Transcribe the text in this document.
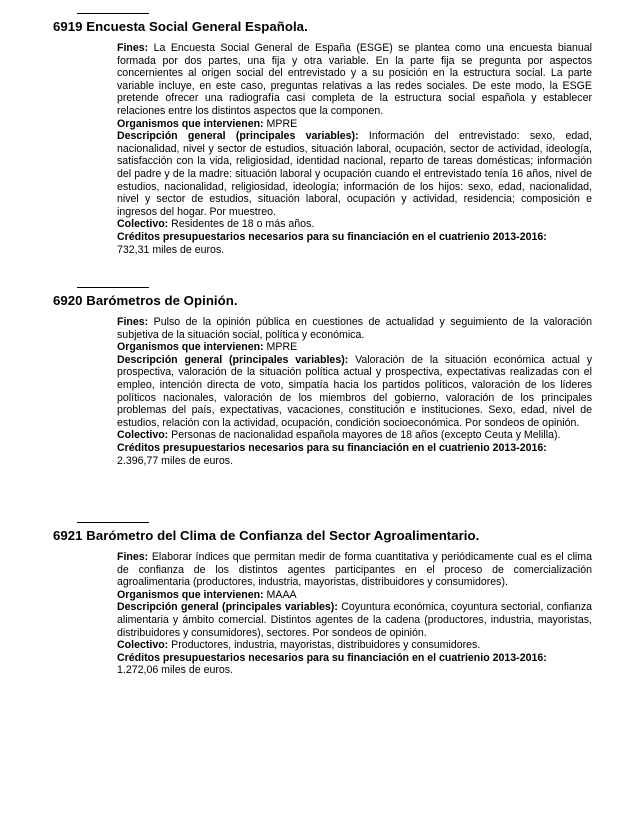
6919 Encuesta Social General Española.

Fines: La Encuesta Social General de España (ESGE) se plantea como una encuesta bianual formada por dos partes, una fija y otra variable. En la parte fija se pregunta por aspectos concernientes al origen social del entrevistado y a su posición en la estructura social. La parte variable incluye, en este caso, preguntas relativas a las redes sociales. De este modo, la ESGE pretende ofrecer una radiografía casi completa de la estructura social española y establecer relaciones entre los distintos aspectos que la componen.

Organismos que intervienen: MPRE

Descripción general (principales variables): Información del entrevistado: sexo, edad, nacionalidad, nivel y sector de estudios, situación laboral, ocupación, sector de actividad, ideología, satisfacción con la vida, religiosidad, identidad nacional, reparto de tareas domésticas; información del padre y de la madre: situación laboral y ocupación cuando el entrevistado tenía 16 años, nivel de estudios, nacionalidad, religiosidad, ideología; información de los hijos: sexo, edad, nacionalidad, nivel y sector de estudios, situación laboral, ocupación y actividad, residencia; composición e ingresos del hogar. Por muestreo.

Colectivo: Residentes de 18 o más años.

Créditos presupuestarios necesarios para su financiación en el cuatrienio 2013-2016:

732,31 miles de euros.

6920 Barómetros de Opinión.

Fines: Pulso de la opinión pública en cuestiones de actualidad y seguimiento de la valoración subjetiva de la situación social, política y económica.

Organismos que intervienen: MPRE

Descripción general (principales variables): Valoración de la situación económica actual y prospectiva, valoración de la situación política actual y prospectiva, expectativas realizadas con el empleo, intención directa de voto, simpatía hacia los partidos políticos, valoración de los líderes políticos nacionales, valoración de los miembros del gobierno, valoración de los principales problemas del país, expectativas, vacaciones, constitución e instituciones. Sexo, edad, nivel de estudios, relación con la actividad, ocupación, condición socioeconómica. Por sondeos de opinión.

Colectivo: Personas de nacionalidad española mayores de 18 años (excepto Ceuta y Melilla).

Créditos presupuestarios necesarios para su financiación en el cuatrienio 2013-2016:

2.396,77 miles de euros.

6921 Barómetro del Clima de Confianza del Sector Agroalimentario.

Fines: Elaborar índices que permitan medir de forma cuantitativa y periódicamente cual es el clima de confianza de los distintos agentes participantes en el proceso de comercialización agroalimentaria (productores, industria, mayoristas, distribuidores y consumidores).

Organismos que intervienen: MAAA

Descripción general (principales variables): Coyuntura económica, coyuntura sectorial, confianza alimentaria y ámbito comercial. Distintos agentes de la cadena (productores, industria, mayoristas, distribuidores y consumidores), sectores. Por sondeos de opinión.

Colectivo: Productores, industria, mayoristas, distribuidores y consumidores.

Créditos presupuestarios necesarios para su financiación en el cuatrienio 2013-2016:

1.272,06 miles de euros.
